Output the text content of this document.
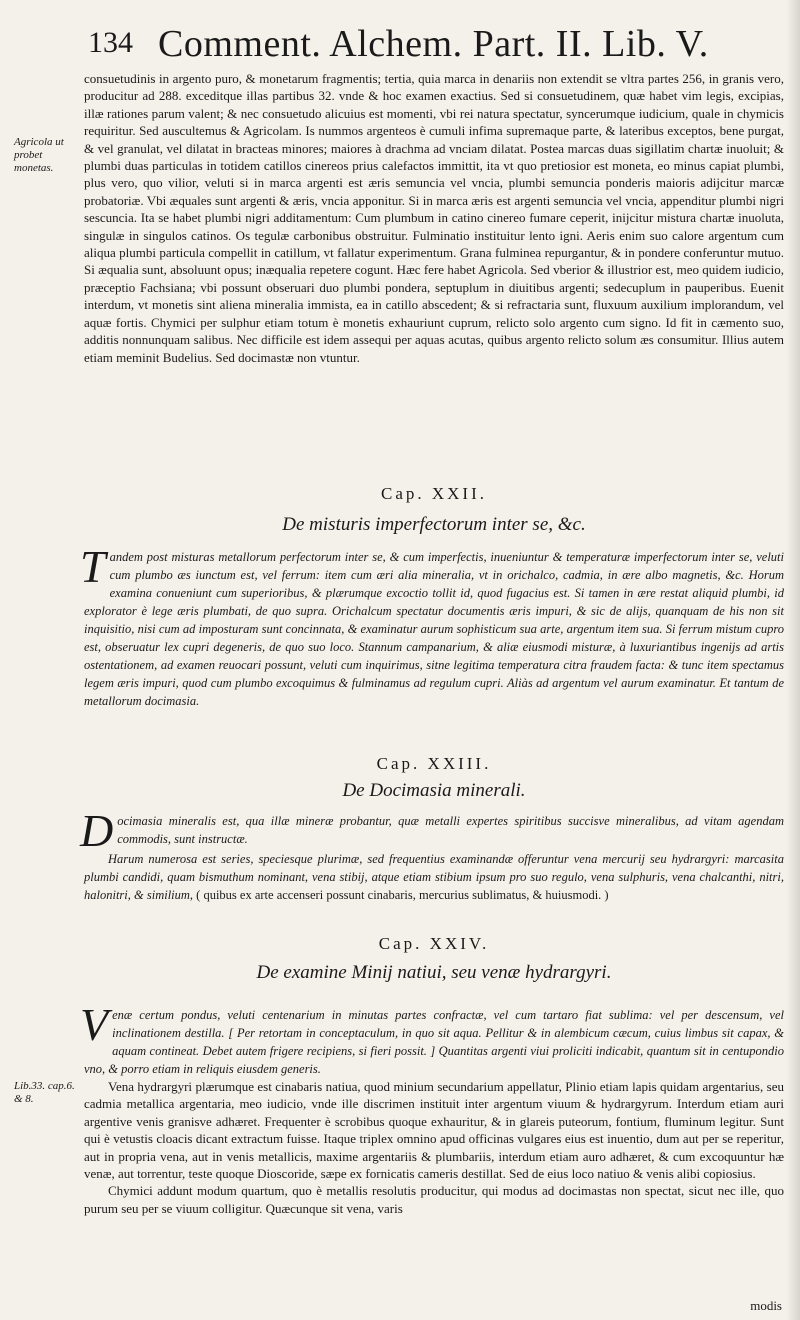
134 Comment. Alchem. Part. II. Lib. V.
Agricola ut probet monetas.
Lib.33. cap.6. & 8.

consuetudinis in argento puro, & monetarum fragmentis; tertia, quia marca in denariis non extendit se vltra partes 256, in granis vero, producitur ad 288. exceditque illas partibus 32. vnde & hoc examen exactius. Sed si consuetudinem, quæ habet vim legis, excipias, illæ rationes parum valent; & nec consuetudo alicuius est momenti, vbi rei natura spectatur, syncerumque iudicium, quale in chymicis requiritur. Sed auscultemus & Agricolam. Is nummos argenteos è cumuli infima supremaque parte, & lateribus exceptos, bene purgat, & vel granulat, vel dilatat in bracteas minores; maiores à drachma ad vnciam dilatat. Postea marcas duas sigillatim chartæ inuoluit; & plumbi duas particulas in totidem catillos cinereos prius calefactos immittit, ita vt quo pretiosior est moneta, eo minus capiat plumbi, plus vero, quo vilior, veluti si in marca argenti est æris semuncia vel vncia, plumbi semuncia ponderis maioris adijcitur marcæ probatoriæ. Vbi æquales sunt argenti & æris, vncia apponitur. Si in marca æris est argenti semuncia vel vncia, appenditur plumbi nigri sescuncia. Ita se habet plumbi nigri additamentum: Cum plumbum in catino cinereo fumare ceperit, inijcitur mistura chartæ inuoluta, singulæ in singulos catinos. Os tegulæ carbonibus obstruitur. Fulminatio instituitur lento igni. Aeris enim suo calore argentum cum aliqua plumbi particula compellit in catillum, vt fallatur experimentum. Grana fulminea repurgantur, & in pondere conferuntur mutuo. Si æqualia sunt, absoluunt opus; inæqualia repetere cogunt. Hæc fere habet Agricola. Sed vberior & illustrior est, meo quidem iudicio, præceptio Fachsiana; vbi possunt obseruari duo plumbi pondera, septuplum in diuitibus argenti; sedecuplum in pauperibus. Euenit interdum, vt monetis sint aliena mineralia immista, ea in catillo abscedent; & si refractaria sunt, fluxuum auxilium implorandum, vel aquæ fortis. Chymici per sulphur etiam totum è monetis exhauriunt cuprum, relicto solo argento cum signo. Id fit in cæmento suo, additis nonnunquam salibus. Nec difficile est idem assequi per aquas acutas, quibus argento relicto solum æs consumitur. Illius autem etiam meminit Budelius. Sed docimastæ non vtuntur.

Cap. XXII.
De misturis imperfectorum inter se, &c.
T andem post misturas metallorum perfectorum inter se, & cum imperfectis, inueniuntur & temperaturæ imperfectorum inter se, veluti cum plumbo æs iunctum est, vel ferrum: item cum æri alia mineralia, vt in orichalco, cadmia, in ære albo magnetis, &c. Horum examina conueniunt cum superioribus, & plærumque excoctio tollit id, quod fugacius est. Si tamen in ære restat aliquid plumbi, id explorator è lege æris plumbati, de quo supra. Orichalcum spectatur documentis æris impuri, & sic de alijs, quanquam de his non sit inquisitio, nisi cum ad imposturam sunt concinnata, & examinatur aurum sophisticum sua arte, argentum item sua. Si ferrum mistum cupro est, obseruatur lex cupri degeneris, de quo suo loco. Stannum campanarium, & aliæ eiusmodi misturæ, à luxuriantibus ingenijs ad artis ostentationem, ad examen reuocari possunt, veluti cum inquirimus, sitne legitima temperatura citra fraudem facta: & tunc item spectamus legem æris impuri, quod cum plumbo excoquimus & fulminamus ad regulum cupri. Aliàs ad argentum vel aurum examinatur. Et tantum de metallorum docimasia.
Cap. XXIII.
De Docimasia minerali.

D ocimasia mineralis est, qua illæ mineræ probantur, quæ metalli expertes spiritibus succisve mineralibus, ad vitam agendam commodis, sunt instructæ.

Harum numerosa est series, speciesque plurimæ, sed frequentius examinandæ offeruntur vena mercurij seu hydrargyri: marcasita plumbi candidi, quam bismuthum nominant, vena stibij, atque etiam stibium ipsum pro suo regulo, vena sulphuris, vena chalcanthi, nitri, halonitri, & similium, ( quibus ex arte accenseri possunt cinabaris, mercurius sublimatus, & huiusmodi. )

Cap. XXIV.
De examine Minij natiui, seu venæ hydrargyri.

V enæ certum pondus, veluti centenarium in minutas partes confractæ, vel cum tartaro fiat sublima: vel per descensum, vel inclinationem destilla. [ Per retortam in conceptaculum, in quo sit aqua. Pellitur & in alembicum cæcum, cuius limbus sit capax, & aquam contineat. Debet autem frigere recipiens, si fieri possit. ] Quantitas argenti viui proliciti indicabit, quantum sit in centupondio vno, & porro etiam in reliquis eiusdem generis.

Vena hydrargyri plærumque est cinabaris natiua, quod minium secundarium appellatur, Plinio etiam lapis quidam argentarius, seu cadmia metallica argentaria, meo iudicio, vnde ille discrimen instituit inter argentum viuum & hydrargyrum. Interdum etiam auri argentive venis granisve adhæret. Frequenter è scrobibus quoque exhauritur, & in glareis puteorum, fontium, fluminum legitur. Sunt qui è vetustis cloacis dicant extractum fuisse. Itaque triplex omnino apud officinas vulgares eius est inuentio, dum aut per se reperitur, aut in propria vena, aut in venis metallicis, maxime argentariis & plumbariis, interdum etiam auro adhæret, & cum excoquuntur hæ venæ, aut torrentur, teste quoque Dioscoride, sæpe ex fornicatis cameris destillat. Sed de eius loco natiuo & venis alibi copiosius.

Chymici addunt modum quartum, quo è metallis resolutis producitur, qui modus ad docimastas non spectat, sicut nec ille, quo purum seu per se viuum colligitur. Quæcunque sit vena, varis

modis
